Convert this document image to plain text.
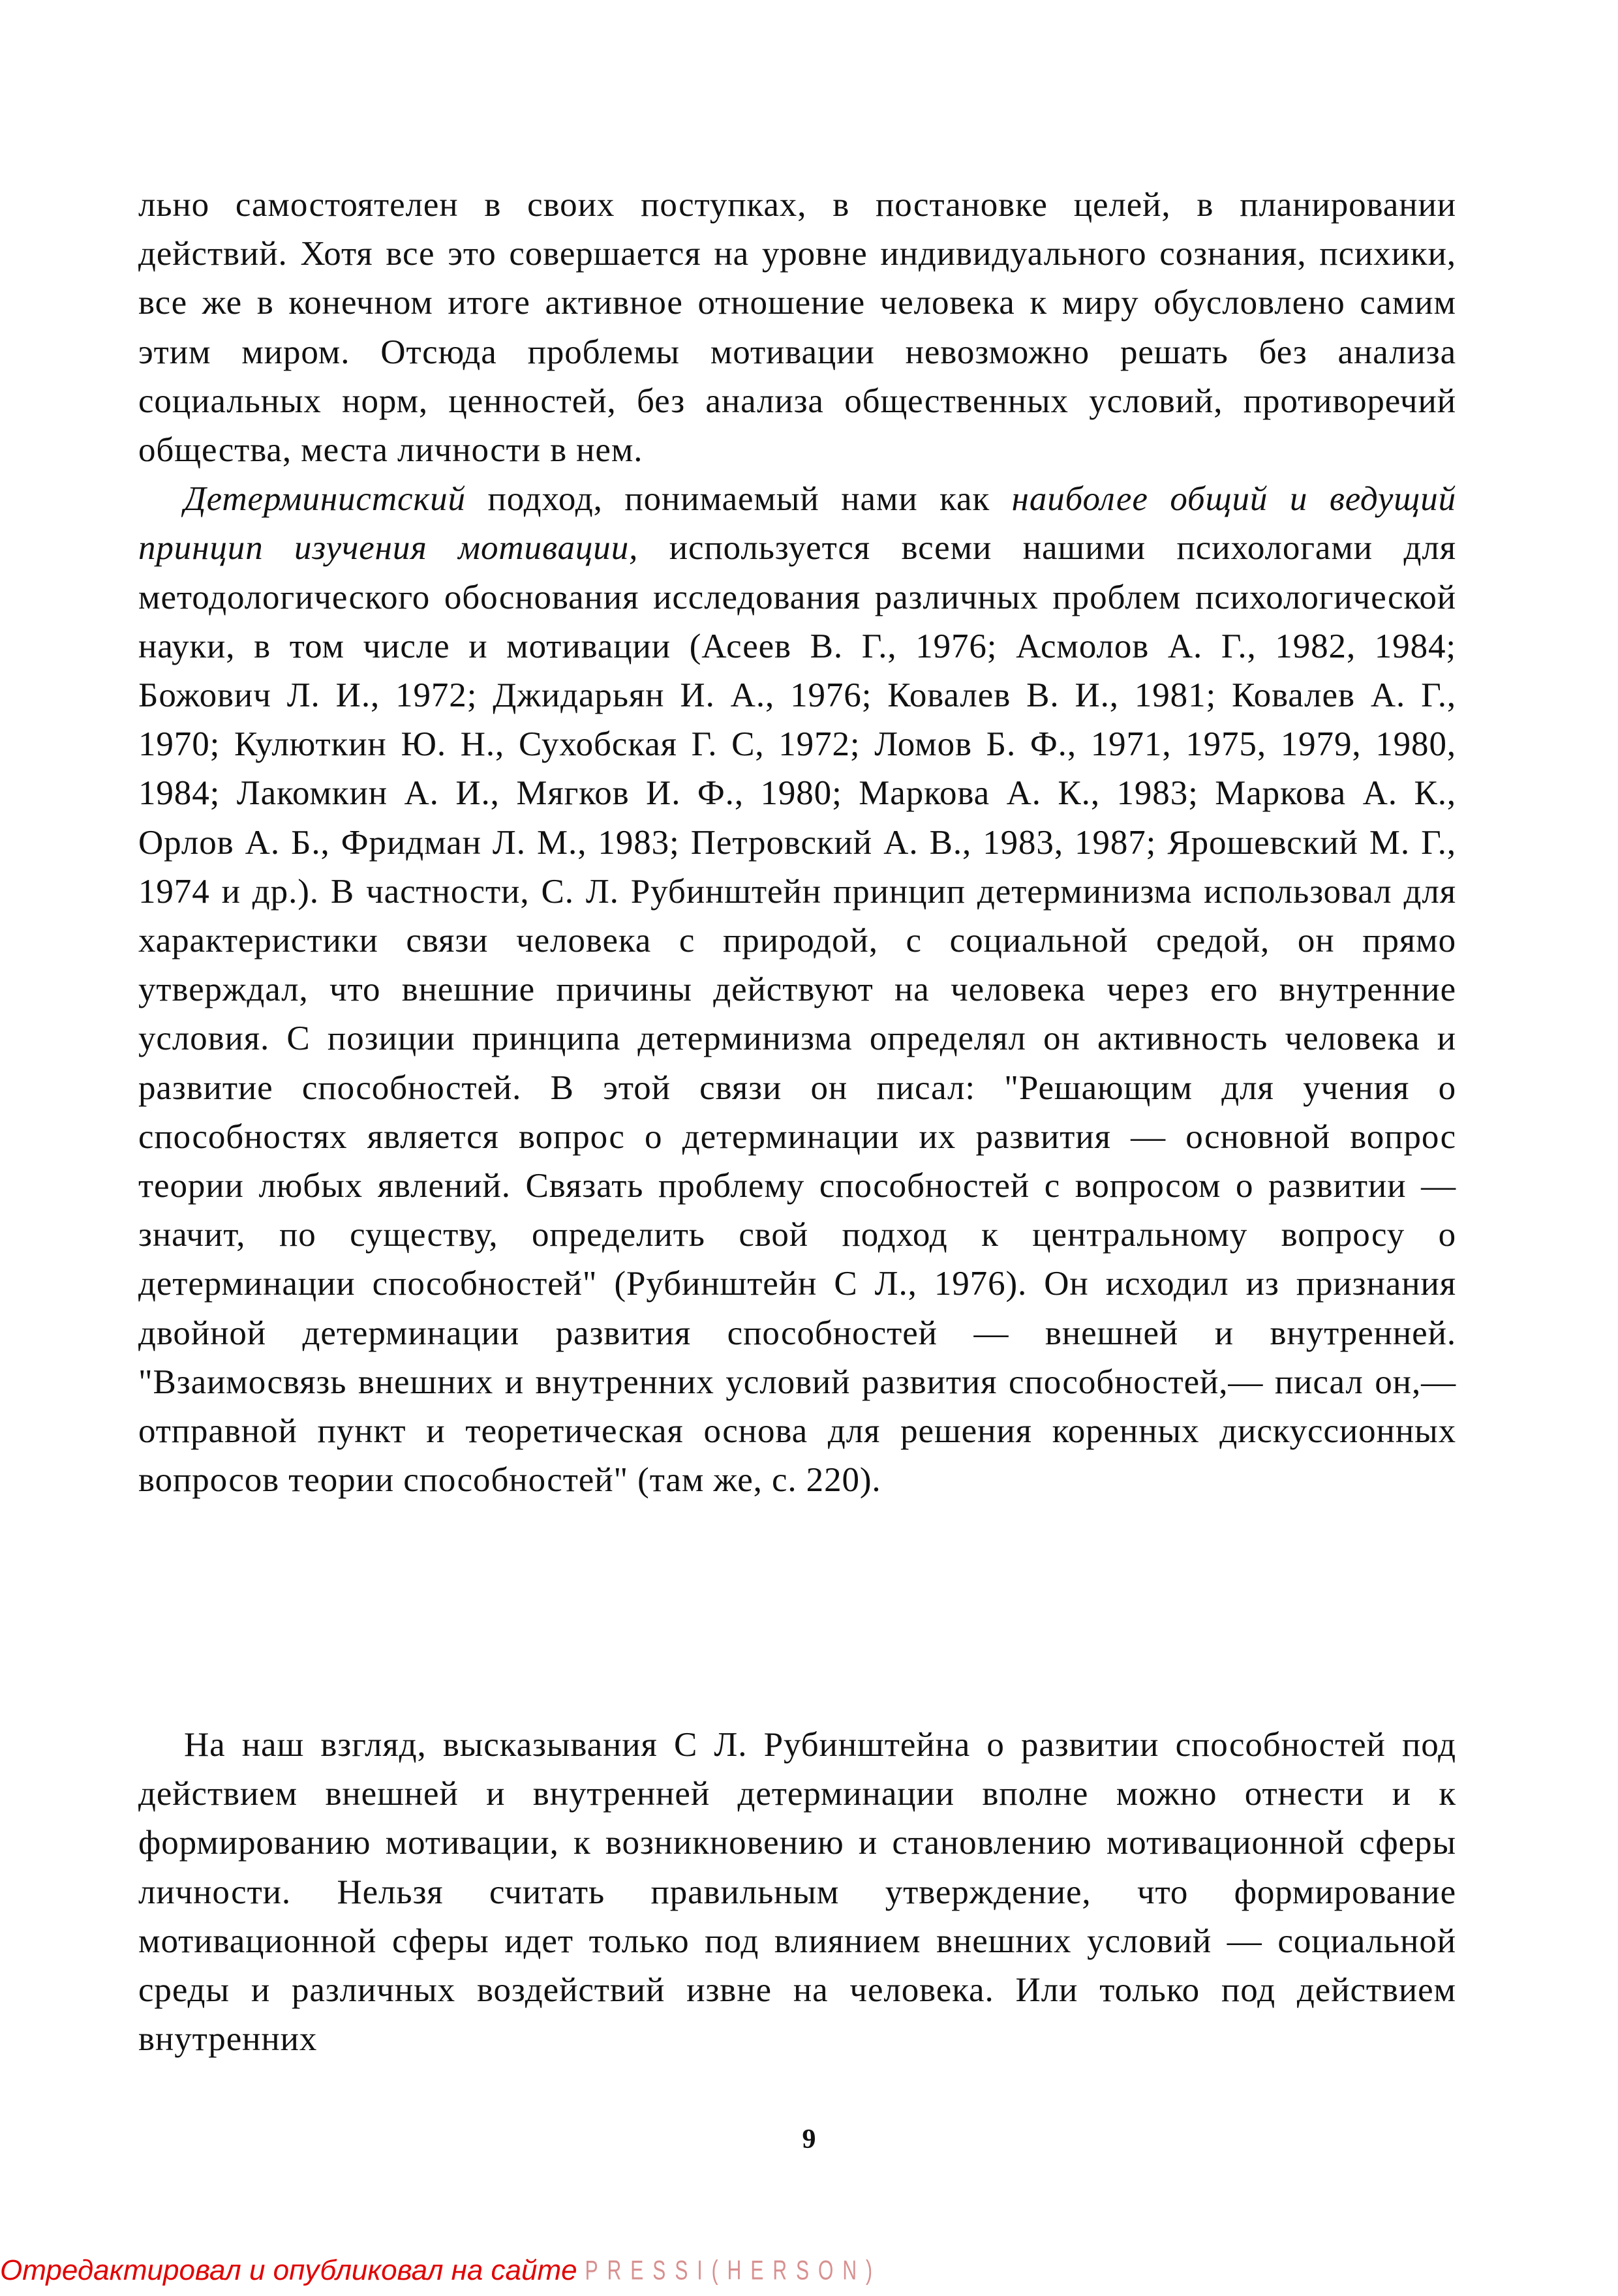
льно самостоятелен в своих поступках, в постановке целей, в планировании действий. Хотя все это совершается на уровне индивидуального сознания, психики, все же в конечном итоге активное отношение человека к миру обусловлено самим этим миром. Отсюда проблемы мотивации невозможно решать без анализа социальных норм, ценностей, без анализа общественных условий, противоречий общества, места личности в нем.

Детерминистский подход, понимаемый нами как наиболее общий и ведущий принцип изучения мотивации, используется всеми нашими психологами для методологического обоснования исследования различных проблем психологической науки, в том числе и мотивации (Асеев В. Г., 1976; Асмолов А. Г., 1982, 1984; Божович Л. И., 1972; Джидарьян И. А., 1976; Ковалев В. И., 1981; Ковалев А. Г., 1970; Кулюткин Ю. Н., Сухобская Г. С, 1972; Ломов Б. Ф., 1971, 1975, 1979, 1980, 1984; Лакомкин А. И., Мягков И. Ф., 1980; Маркова А. К., 1983; Маркова А. К., Орлов А. Б., Фридман Л. М., 1983; Петровский А. В., 1983, 1987; Ярошевский М. Г., 1974 и др.). В частности, С. Л. Рубинштейн принцип детерминизма использовал для характеристики связи человека с природой, с социальной средой, он прямо утверждал, что внешние причины действуют на человека через его внутренние условия. С позиции принципа детерминизма определял он активность человека и развитие способностей. В этой связи он писал: "Решающим для учения о способностях является вопрос о детерминации их развития — основной вопрос теории любых явлений. Связать проблему способностей с вопросом о развитии — значит, по существу, определить свой подход к центральному вопросу о детерминации способностей" (Рубинштейн С Л., 1976). Он исходил из признания двойной детерминации развития способностей — внешней и внутренней. "Взаимосвязь внешних и внутренних условий развития способностей,— писал он,— отправной пункт и теоретическая основа для решения коренных дискуссионных вопросов теории способностей" (там же, с. 220).

На наш взгляд, высказывания С Л. Рубинштейна о развитии способностей под действием внешней и внутренней детерминации вполне можно отнести и к формированию мотивации, к возникновению и становлению мотивационной сферы личности. Нельзя считать правильным утверждение, что формирование мотивационной сферы идет только под влиянием внешних условий — социальной среды и различных воздействий извне на человека. Или только под действием внутренних

9
Отредактировал и опубликовал на сайте PRESSI(HERSON)
